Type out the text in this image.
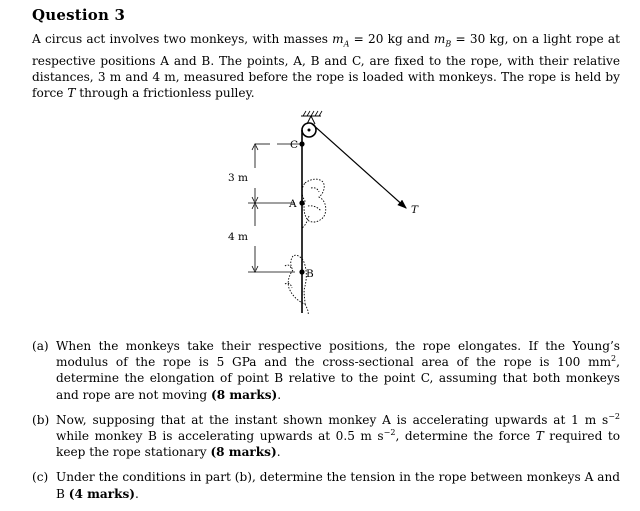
Question 3
A circus act involves two monkeys, with masses $m_A = 20$ kg and $m_B = 30$ kg, on a light rope at respective positions A and B. The points, A, B and C, are fixed to the rope, with their relative distances, 3 m and 4 m, measured before the rope is loaded with monkeys. The rope is held by force T through a frictionless pulley.
C
A
B
T
3 m
4 m
(a) When the monkeys take their respective positions, the rope elongates. If the Young’s modulus of the rope is 5 GPa and the cross-sectional area of the rope is 100 $mm^2$, determine the elongation of point B relative to the point C, assuming that both monkeys and rope are not moving (8 marks).
(b) Now, supposing that at the instant shown monkey A is accelerating upwards at 1 m $s^{-2}$ while monkey B is accelerating upwards at 0.5 m $s^{-2}$, determine the force T required to keep the rope stationary (8 marks).
(c) Under the conditions in part (b), determine the tension in the rope between monkeys A and B (4 marks).
